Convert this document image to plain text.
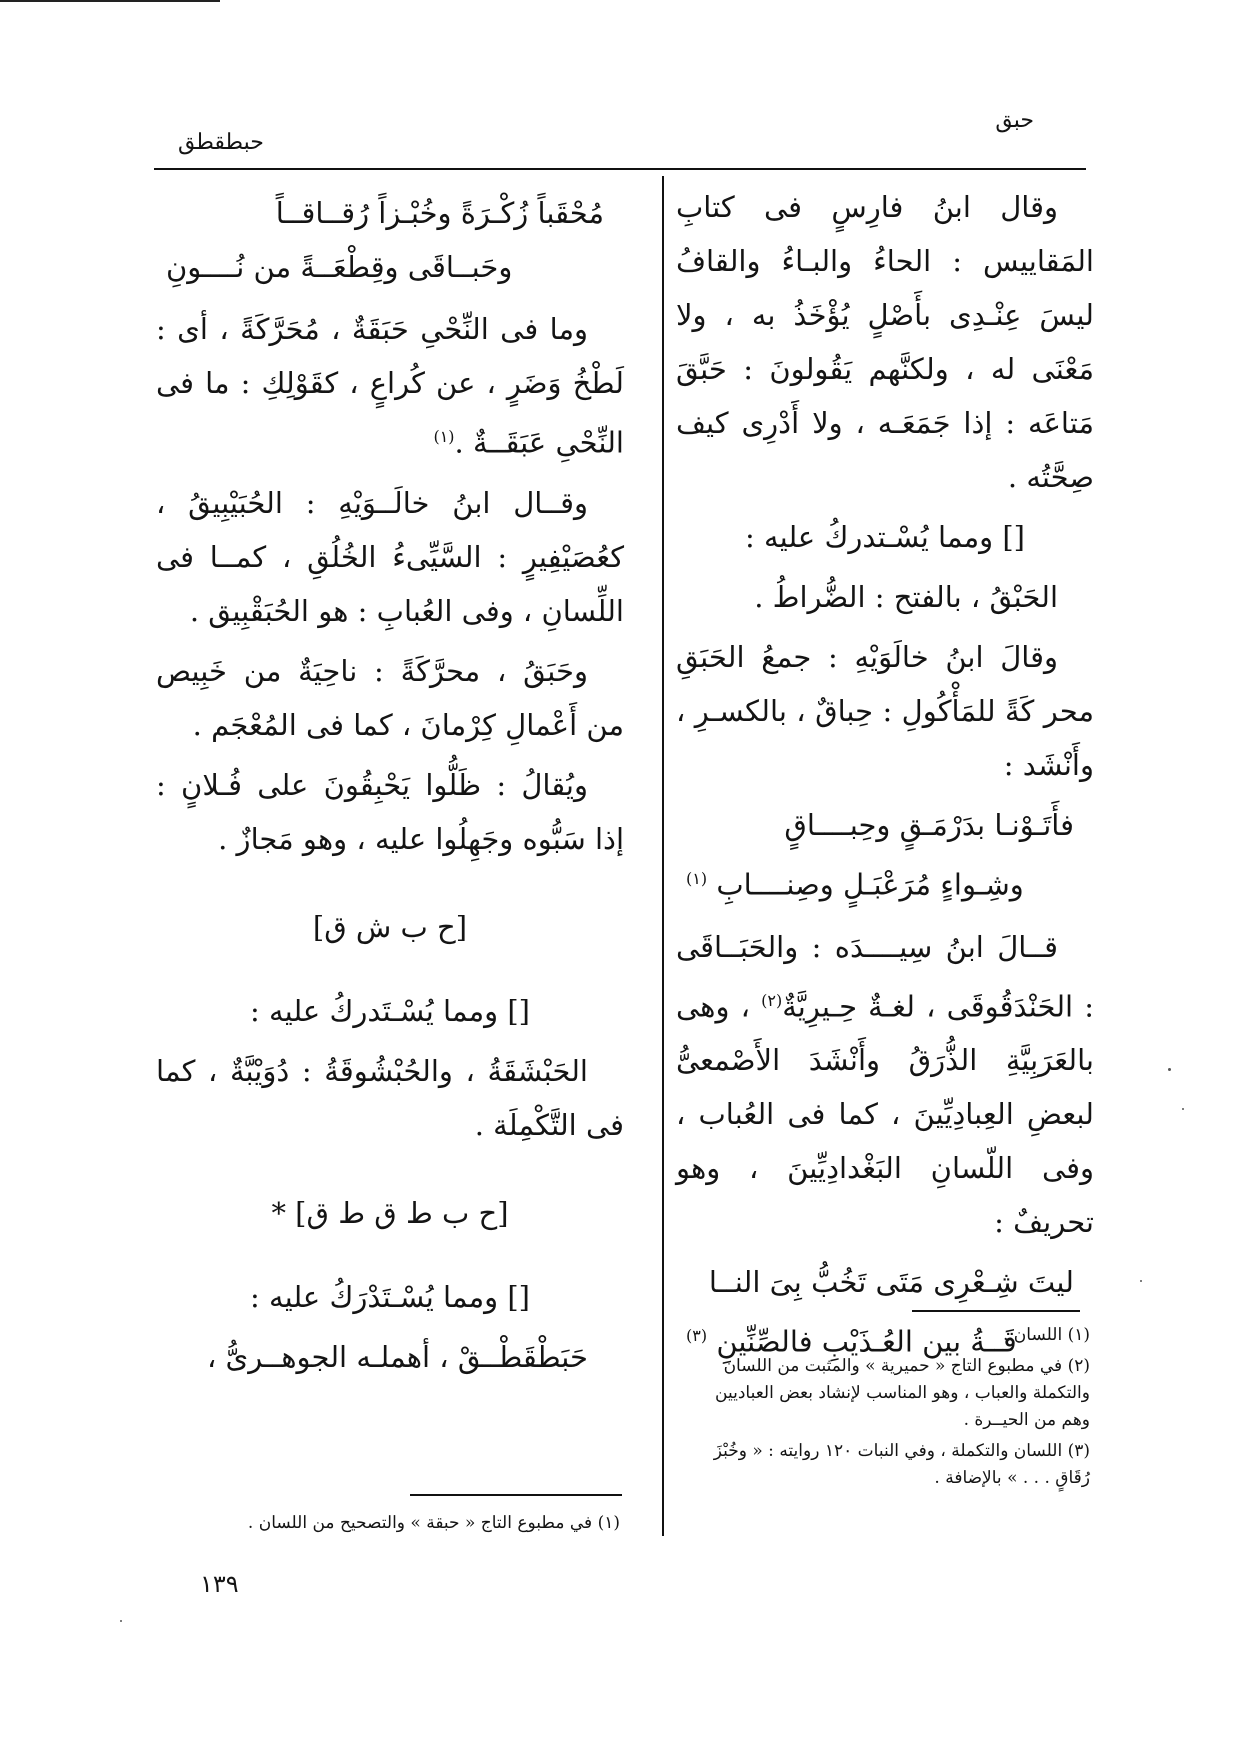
حبق
حبطقطق

وقال ابنُ فارِسٍ فى كتابِ المَقاييس : الحاءُ والبـاءُ والقافُ ليسَ عِنْـدِى بأَصْلٍ يُؤْخَذُ به ، ولا مَعْنَى له ، ولكنَّهم يَقُولونَ : حَبَّقَ مَتاعَه : إذا جَمَعَـه ، ولا أَدْرِى كيف صِحَّتُه .

[] ومما يُسْـتدركُ عليه :

الحَبْقُ ، بالفتح : الضُّراطُ .

وقالَ ابنُ خالَوَيْهِ : جمعُ الحَبَقِ محر كَةً للمَأْكُولِ : حِباقٌ ، بالكسـرِ ، وأَنْشَد :

فأَتَـوْنـا بدَرْمَـقٍ وحِبــــاقٍ

وشِـواءٍ مُرَعْبَـلٍ وصِنــــابِ $^{(١)}$

قــالَ ابنُ سِيــــدَه : والحَبَــاقَى : الحَنْدَقُوقَى ، لغـةٌ حِـيرِيَّةٌ$^{(٢)}$ ، وهى بالعَرَبِيَّةِ الذُّرَقُ وأَنْشَدَ الأَصْمعىُّ لبعضِ العِبادِيِّينَ ، كما فى العُباب ، وفى اللّسانِ البَغْدادِيِّينَ ، وهو تحريفٌ :

ليتَ شِـعْرِى مَتَى تَخُبُّ بِىَ النــا

قَــةُ بين العُـذَيْبِ فالصِّنِّينِ $^{(٣)}$

مُحْقَباً زُكْـرَةً وخُبْـزاً رُقــاقــاً

وحَبــاقَى وقِطْعَــةً من نُــــونِ

وما فى النِّحْىِ حَبَقَةٌ ، مُحَرَّكَةً ، أى : لَطْخُ وَضَرٍ ، عن كُراعٍ ، كقَوْلِكِ : ما فى النِّحْىِ عَبَقَــةٌ .$^{(١)}$

وقــال ابنُ خالَــوَيْهِ : الحُبَيْبِيقُ ، كعُصَيْفِيرٍ : السَّيِّىءُ الخُلُقِ ، كمــا فى اللِّسانِ ، وفى العُبابِ : هو الحُبَقْبِيق .

وحَبَقُ ، محرَّكَةً : ناحِيَةٌ من خَبِيص من أَعْمالِ كِرْمانَ ، كما فى المُعْجَم .

ويُقالُ : ظَلُّوا يَحْبِقُونَ على فُـلانٍ : إذا سَبُّوه وجَهِلُوا عليه ، وهو مَجازٌ .

[ح ب ش ق]

[] ومما يُسْـتَدركُ عليه :

الحَبْشَقَةُ ، والحُبْشُوقَةُ : دُوَيْبَّةٌ ، كما فى التَّكْمِلَة .

[ح ب ط ق ط ق] *

[] ومما يُسْـتَدْرَكُ عليه :

حَبَطْقَطْــقْ ، أهملـه الجوهــرىُّ ،

(١) اللسان .

(٢) في مطبوع التاج « حميرية » والمثبت من اللسان والتكملة والعباب ، وهو المناسب لإنشاد بعض العباديين وهم من الحيــرة .

(٣) اللسان والتكملة ، وفي النبات ١٢٠ روايته : « وخُبْزَ رُقَاقٍ . . . » بالإضافة .

(١) في مطبوع التاج « حبقة » والتصحيح من اللسان .

١٣٩
